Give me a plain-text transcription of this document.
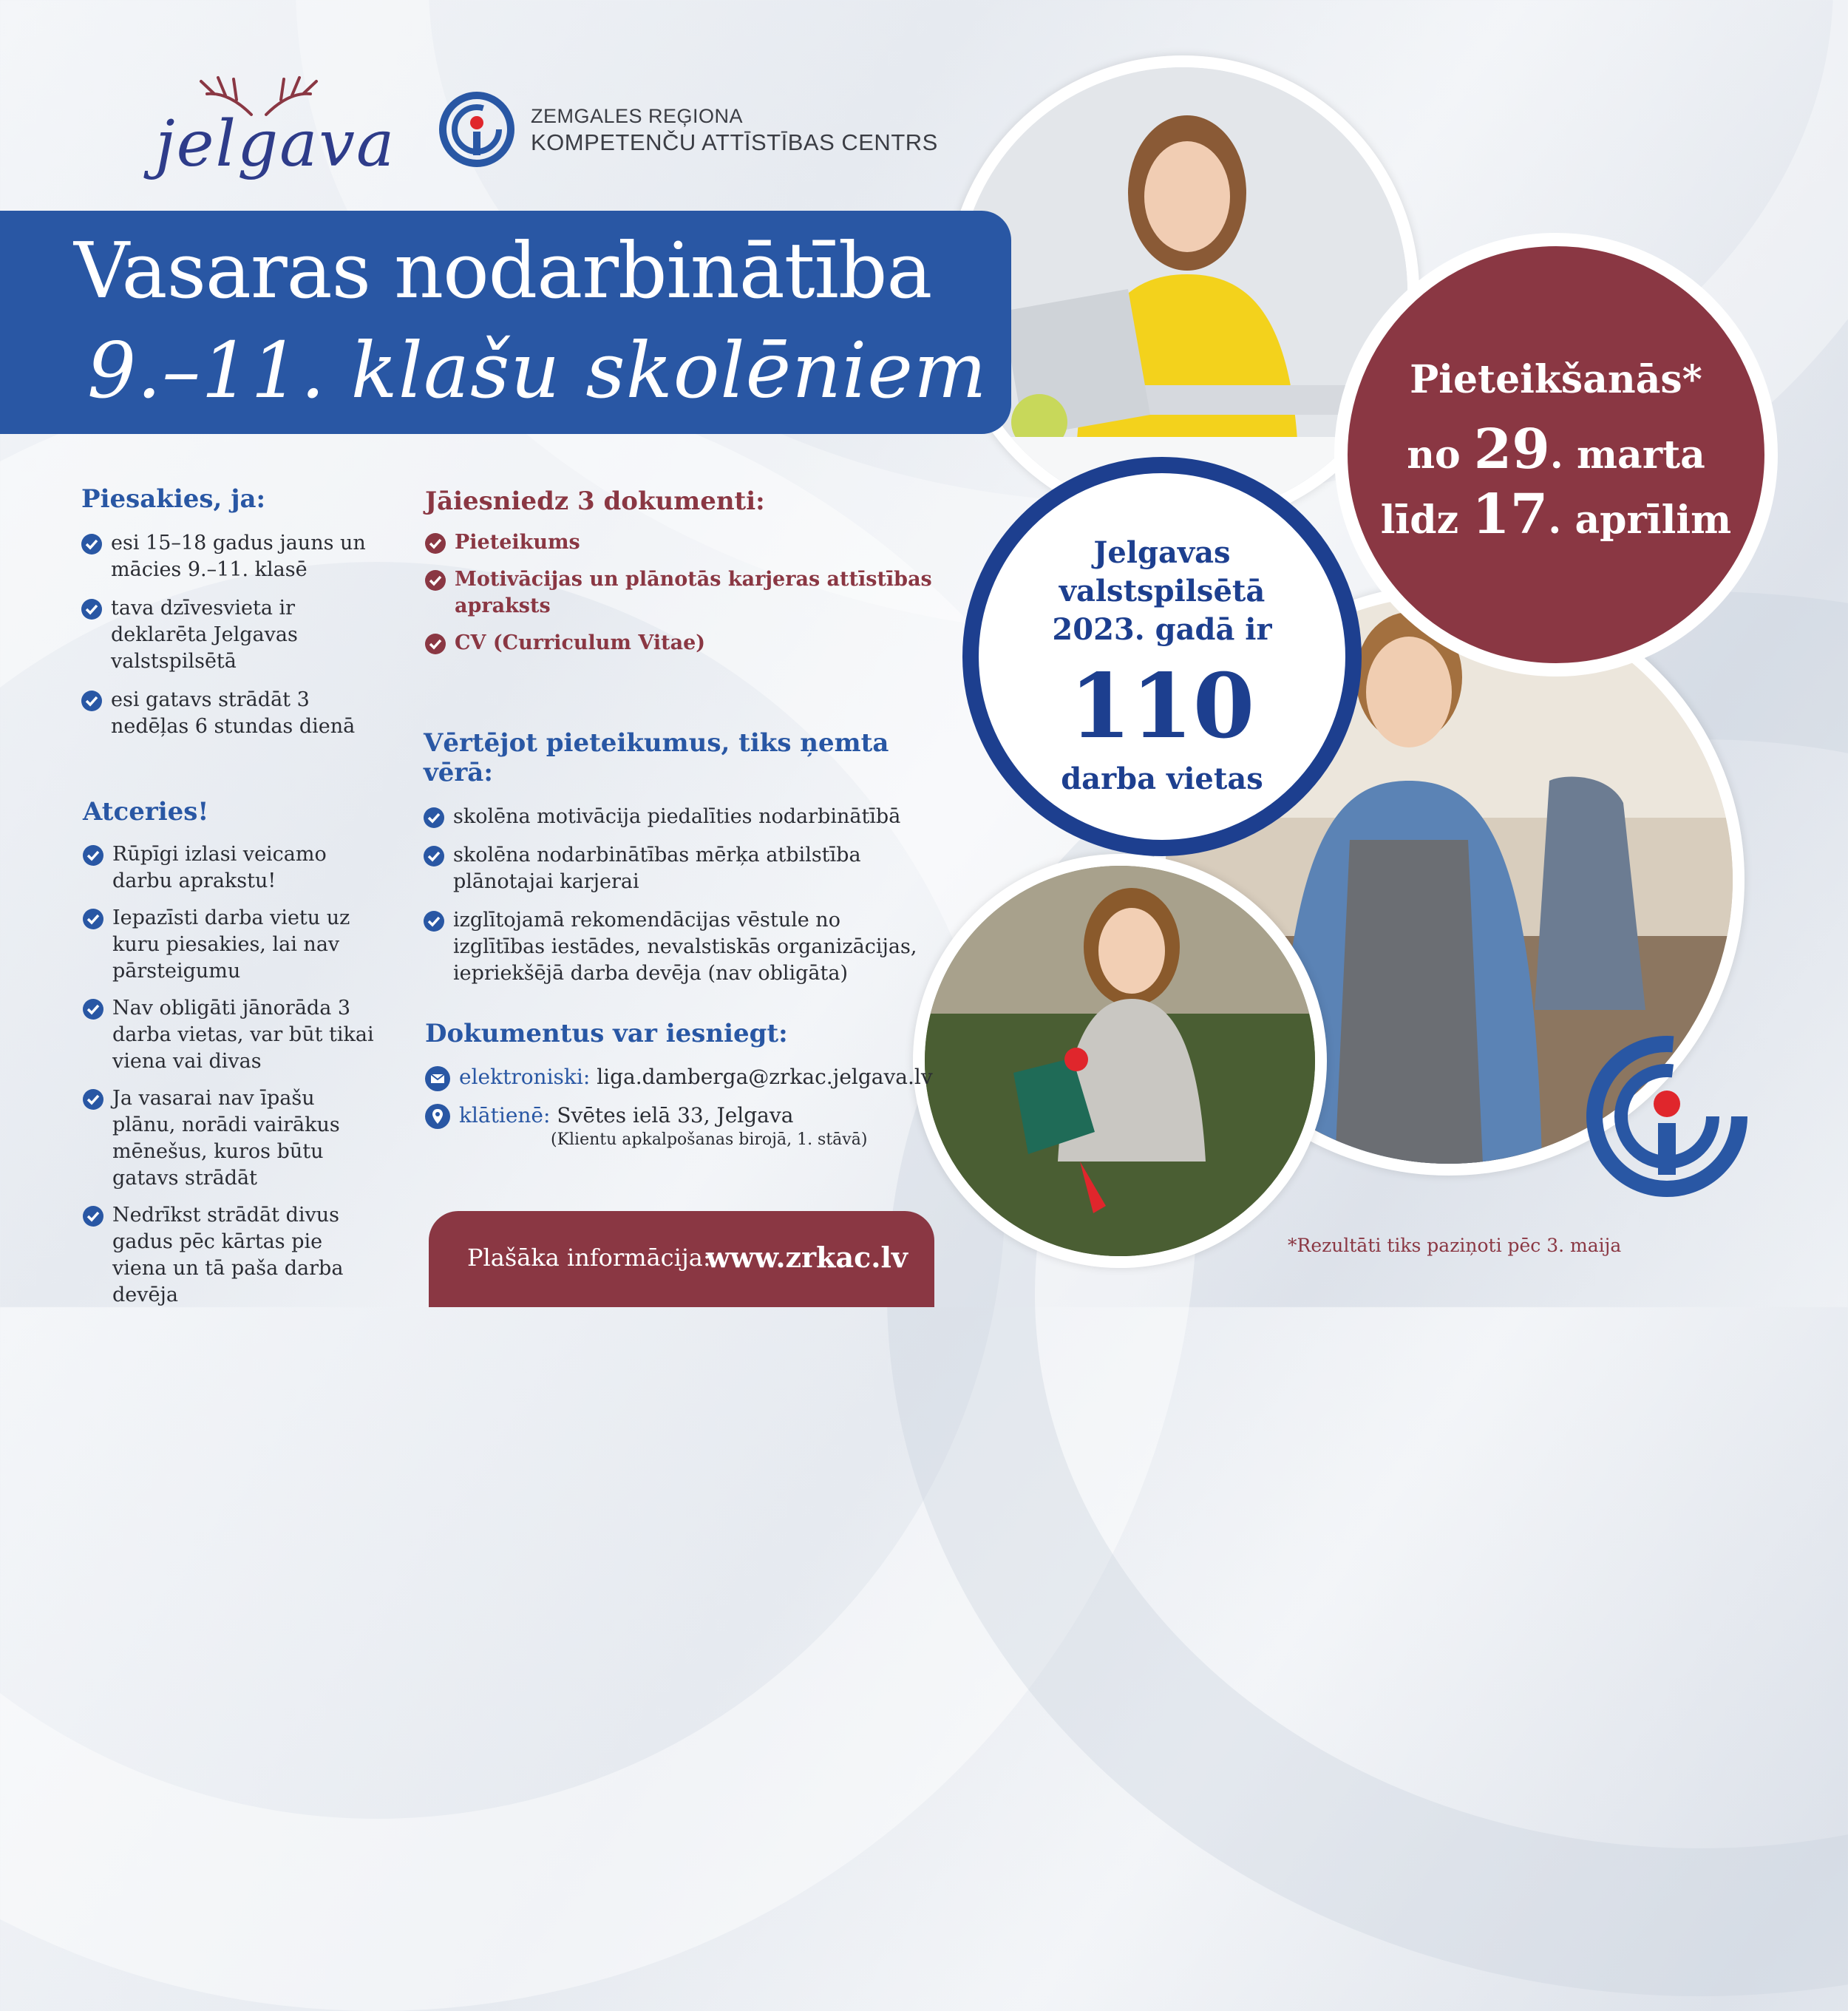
jelgava	ZEMGALES REĢIONA
KOMPETENČU ATTĪSTĪBAS CENTRS
Pieteikšanās*
no 29. marta
līdz 17. aprīlim
Jelgavas
valstspilsētā
2023. gadā ir
110
darba vietas
Vasaras nodarbinātība
9.–11. klašu skolēniem
Piesakies, ja:
esi 15–18 gadus jauns un mācies 9.–11. klasē
tava dzīvesvieta ir deklarēta Jelgavas valstspilsētā
esi gatavs strādāt 3 nedēļas 6 stundas dienā
Atceries!
Rūpīgi izlasi veicamo darbu aprakstu!
Iepazīsti darba vietu uz kuru piesakies, lai nav pārsteigumu
Nav obligāti jānorāda 3 darba vietas, var būt tikai viena vai divas
Ja vasarai nav īpašu plānu, norādi vairākus mēnešus, kuros būtu gatavs strādāt
Nedrīkst strādāt divus gadus pēc kārtas pie viena un tā paša darba devēja
Jāiesniedz 3 dokumenti:
Pieteikums
Motivācijas un plānotās karjeras attīstības apraksts
CV (Curriculum Vitae)
Vērtējot pieteikumus, tiks ņemta vērā:
skolēna motivācija piedalīties nodarbinātībā
skolēna nodarbinātības mērķa atbilstība plānotajai karjerai
izglītojamā rekomendācijas vēstule no izglītības iestādes, nevalstiskās organizācijas, iepriekšējā darba devēja (nav obligāta)
Dokumentus var iesniegt:
elektroniski: liga.damberga@zrkac.jelgava.lv
klātienē: Svētes ielā 33, Jelgava
(Klientu apkalpošanas birojā, 1. stāvā)
Plašāka informācija:
www.zrkac.lv	*Rezultāti tiks paziņoti pēc 3. maija
